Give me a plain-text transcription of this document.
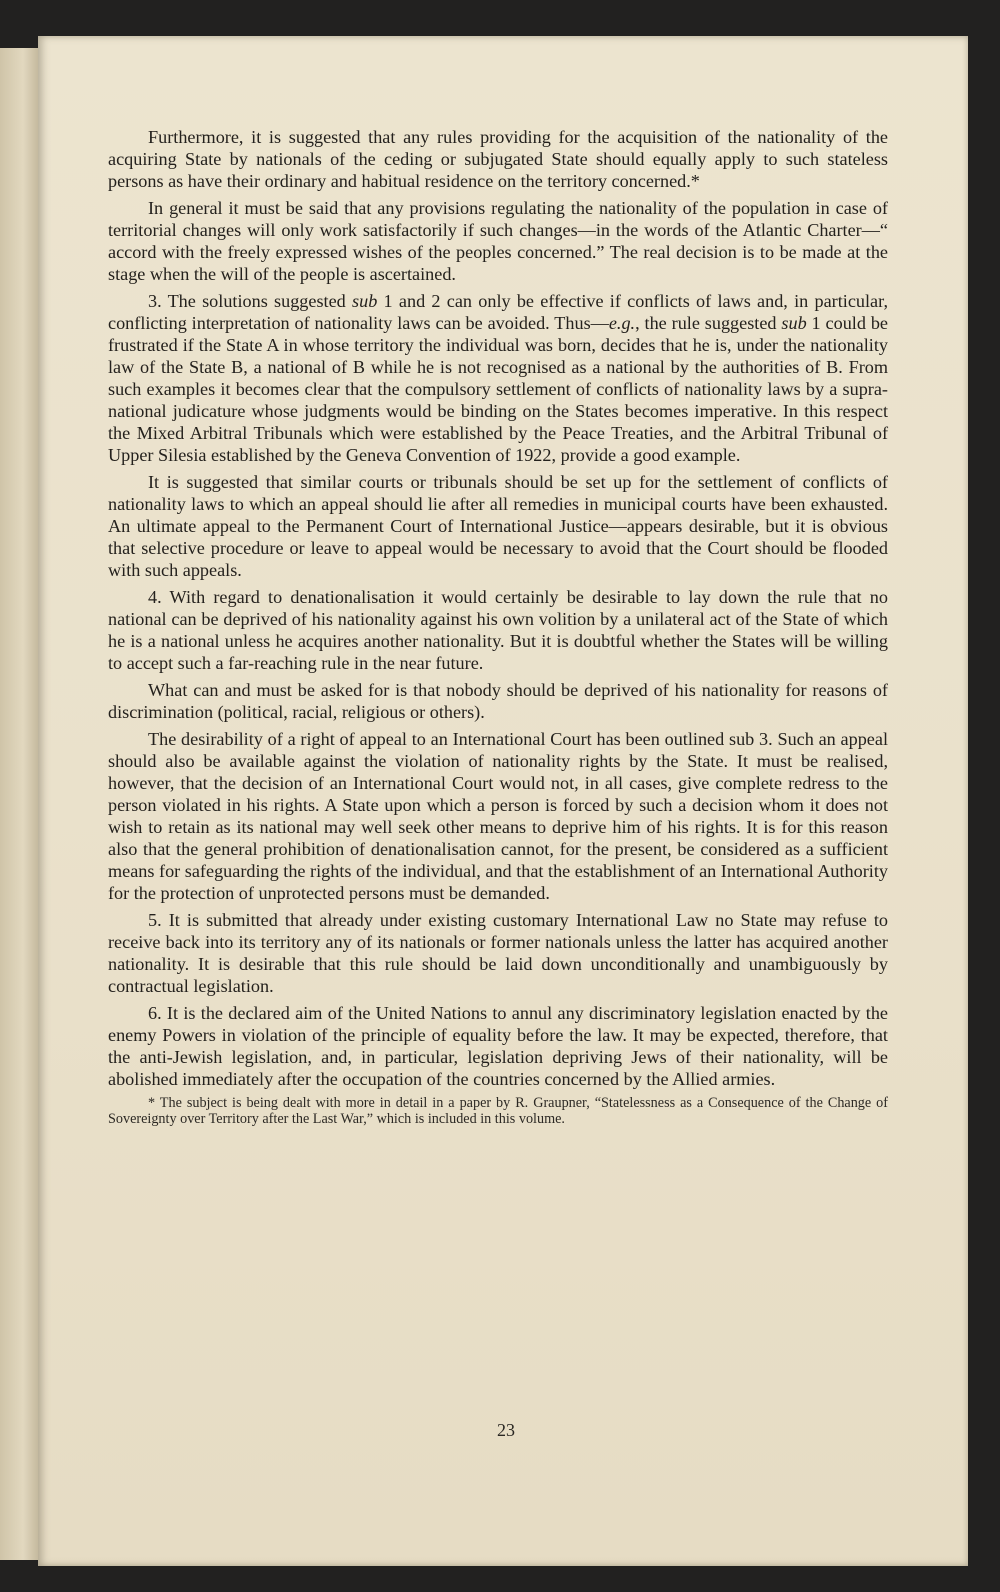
Furthermore, it is suggested that any rules providing for the acquisition of the nationality of the acquiring State by nationals of the ceding or subjugated State should equally apply to such stateless persons as have their ordinary and habitual residence on the territory concerned.*

In general it must be said that any provisions regulating the nationality of the population in case of territorial changes will only work satisfactorily if such changes—in the words of the Atlantic Charter—“ accord with the freely expressed wishes of the peoples concerned.” The real decision is to be made at the stage when the will of the people is ascertained.

3. The solutions suggested sub 1 and 2 can only be effective if conflicts of laws and, in particular, conflicting interpretation of nationality laws can be avoided. Thus—e.g., the rule suggested sub 1 could be frustrated if the State A in whose territory the individual was born, decides that he is, under the nationality law of the State B, a national of B while he is not recognised as a national by the authorities of B. From such examples it becomes clear that the compulsory settlement of conflicts of nationality laws by a supra-national judicature whose judgments would be binding on the States becomes imperative. In this respect the Mixed Arbitral Tribunals which were established by the Peace Treaties, and the Arbitral Tribunal of Upper Silesia established by the Geneva Convention of 1922, provide a good example.

It is suggested that similar courts or tribunals should be set up for the settlement of conflicts of nationality laws to which an appeal should lie after all remedies in municipal courts have been exhausted. An ultimate appeal to the Permanent Court of International Justice—appears desirable, but it is obvious that selective procedure or leave to appeal would be necessary to avoid that the Court should be flooded with such appeals.

4. With regard to denationalisation it would certainly be desirable to lay down the rule that no national can be deprived of his nationality against his own volition by a unilateral act of the State of which he is a national unless he acquires another nationality. But it is doubtful whether the States will be willing to accept such a far-reaching rule in the near future.

What can and must be asked for is that nobody should be deprived of his nationality for reasons of discrimination (political, racial, religious or others).

The desirability of a right of appeal to an International Court has been outlined sub 3. Such an appeal should also be available against the violation of nationality rights by the State. It must be realised, however, that the decision of an International Court would not, in all cases, give complete redress to the person violated in his rights. A State upon which a person is forced by such a decision whom it does not wish to retain as its national may well seek other means to deprive him of his rights. It is for this reason also that the general prohibition of denationalisation cannot, for the present, be considered as a sufficient means for safeguarding the rights of the individual, and that the establishment of an International Authority for the protection of unprotected persons must be demanded.

5. It is submitted that already under existing customary International Law no State may refuse to receive back into its territory any of its nationals or former nationals unless the latter has acquired another nationality. It is desirable that this rule should be laid down unconditionally and unambiguously by contractual legislation.

6. It is the declared aim of the United Nations to annul any discriminatory legislation enacted by the enemy Powers in violation of the principle of equality before the law. It may be expected, therefore, that the anti-Jewish legislation, and, in particular, legislation depriving Jews of their nationality, will be abolished immediately after the occupation of the countries concerned by the Allied armies.

* The subject is being dealt with more in detail in a paper by R. Graupner, “Statelessness as a Consequence of the Change of Sovereignty over Territory after the Last War,” which is included in this volume.

23
